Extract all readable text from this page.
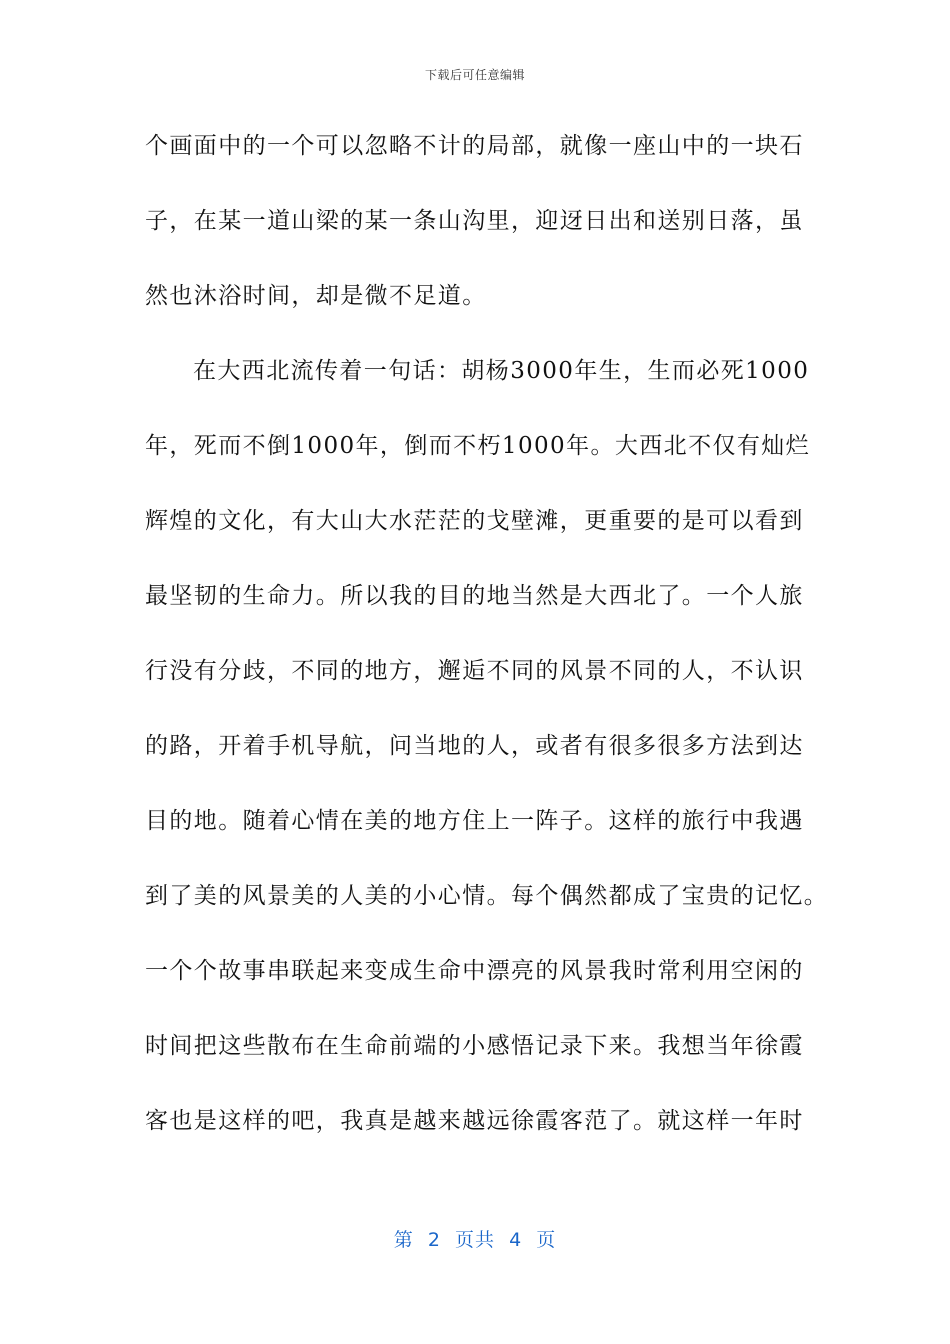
下载后可任意编辑
个画面中的一个可以忽略不计的局部，就像一座山中的一块石
子，在某一道山梁的某一条山沟里，迎迓日出和送别日落，虽
然也沐浴时间，却是微不足道。
在大西北流传着一句话：胡杨3000年生，生而必死1000
年，死而不倒1000年，倒而不朽1000年。大西北不仅有灿烂
辉煌的文化，有大山大水茫茫的戈壁滩，更重要的是可以看到
最坚韧的生命力。所以我的目的地当然是大西北了。一个人旅
行没有分歧，不同的地方，邂逅不同的风景不同的人，不认识
的路，开着手机导航，问当地的人，或者有很多很多方法到达
目的地。随着心情在美的地方住上一阵子。这样的旅行中我遇
到了美的风景美的人美的小心情。每个偶然都成了宝贵的记忆。
一个个故事串联起来变成生命中漂亮的风景我时常利用空闲的
时间把这些散布在生命前端的小感悟记录下来。我想当年徐霞
客也是这样的吧，我真是越来越远徐霞客范了。就这样一年时
第  2  页共  4  页
